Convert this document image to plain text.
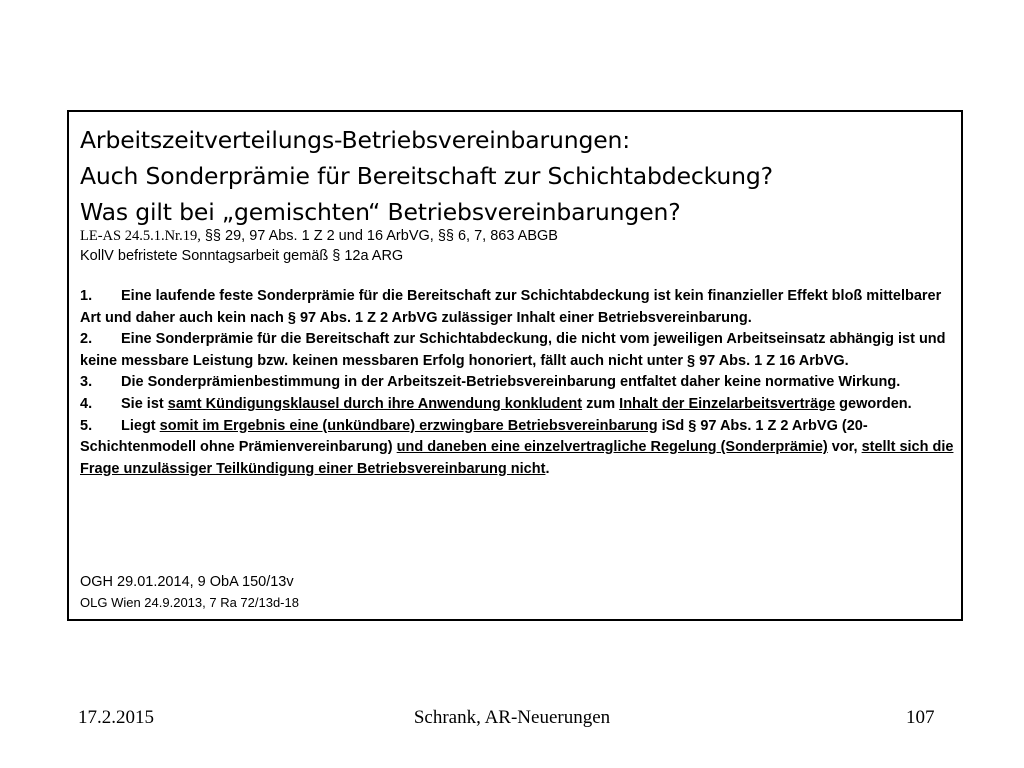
Arbeitszeitverteilungs-Betriebsvereinbarungen:
Auch Sonderprämie für Bereitschaft zur Schichtabdeckung?
Was gilt bei „gemischten“ Betriebsvereinbarungen?
LE-AS 24.5.1.Nr.19, §§ 29, 97 Abs. 1 Z 2 und 16 ArbVG, §§ 6, 7, 863 ABGB
KollV befristete Sonntagsarbeit gemäß § 12a ARG

1. Eine laufende feste Sonderprämie für die Bereitschaft zur Schichtabdeckung ist kein finanzieller Effekt bloß mittelbarer Art und daher auch kein nach § 97 Abs. 1 Z 2 ArbVG zulässiger Inhalt einer Betriebsvereinbarung.

2. Eine Sonderprämie für die Bereitschaft zur Schichtabdeckung, die nicht vom jeweiligen Arbeitseinsatz abhängig ist und keine messbare Leistung bzw. keinen messbaren Erfolg honoriert, fällt auch nicht unter § 97 Abs. 1 Z 16 ArbVG.

3. Die Sonderprämienbestimmung in der Arbeitszeit-Betriebsvereinbarung entfaltet daher keine normative Wirkung.

4. Sie ist samt Kündigungsklausel durch ihre Anwendung konkludent zum Inhalt der Einzelarbeitsverträge geworden.

5. Liegt somit im Ergebnis eine (unkündbare) erzwingbare Betriebsvereinbarung iSd § 97 Abs. 1 Z 2 ArbVG (20-Schichtenmodell ohne Prämienvereinbarung) und daneben eine einzelvertragliche Regelung (Sonderprämie) vor, stellt sich die Frage unzulässiger Teilkündigung einer Betriebsvereinbarung nicht.

OGH 29.01.2014, 9 ObA 150/13v
OLG Wien 24.9.2013, 7 Ra 72/13d-18
17.2.2015	Schrank, AR-Neuerungen	107
